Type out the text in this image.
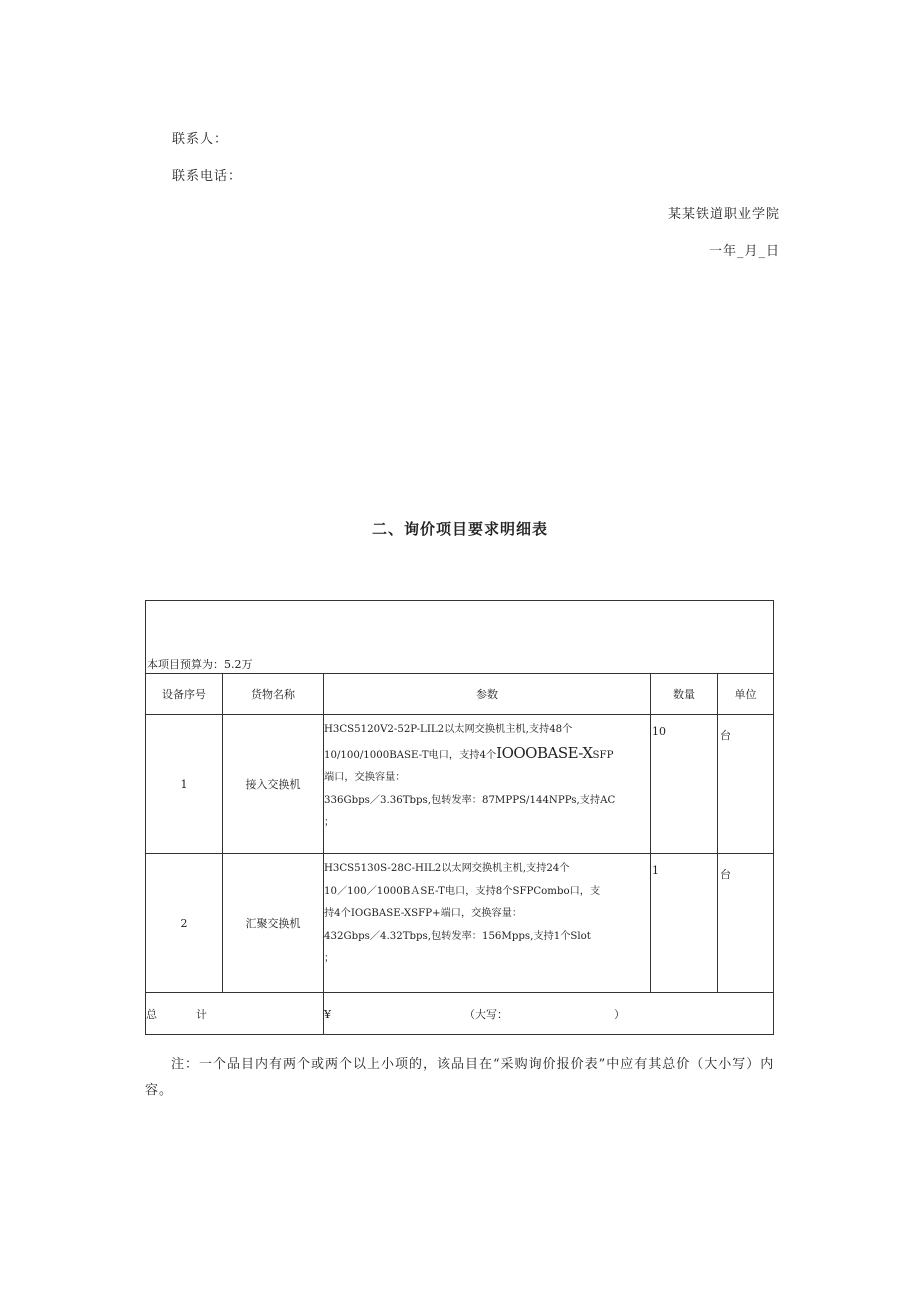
联系人：
联系电话：
某某铁道职业学院
一年_月_日
二、询价项目要求明细表
本项目预算为：5.2万				

设备序号	货物名称	参数	数量	单位
1	接入交换机	H3CS5120V2-52P-LIL2以太网交换机主机,支持48个
10/100/1000BASE-T电口，支持4个IOOOBASE-XSFP
端口，交换容量：
336Gbps／3.36Tbps,包转发率：87MPPS/144NPPs,支持AC
；	10	台
2	汇聚交换机	H3CS5130S-28C-HIL2以太网交换机主机,支持24个
10／100／1000BＡSE-T电口，支持8个SFPCombo口，支
持4个IOGBASE-XSFP+端口，交换容量：
432Gbps／4.32Tbps,包转发率：156Mpps,支持1个Slot
；	1	台
总 计		¥ （大写： ）		
注：一个品目内有两个或两个以上小项的，该品目在“采购询价报价表”中应有其总价（大小写）内容。
